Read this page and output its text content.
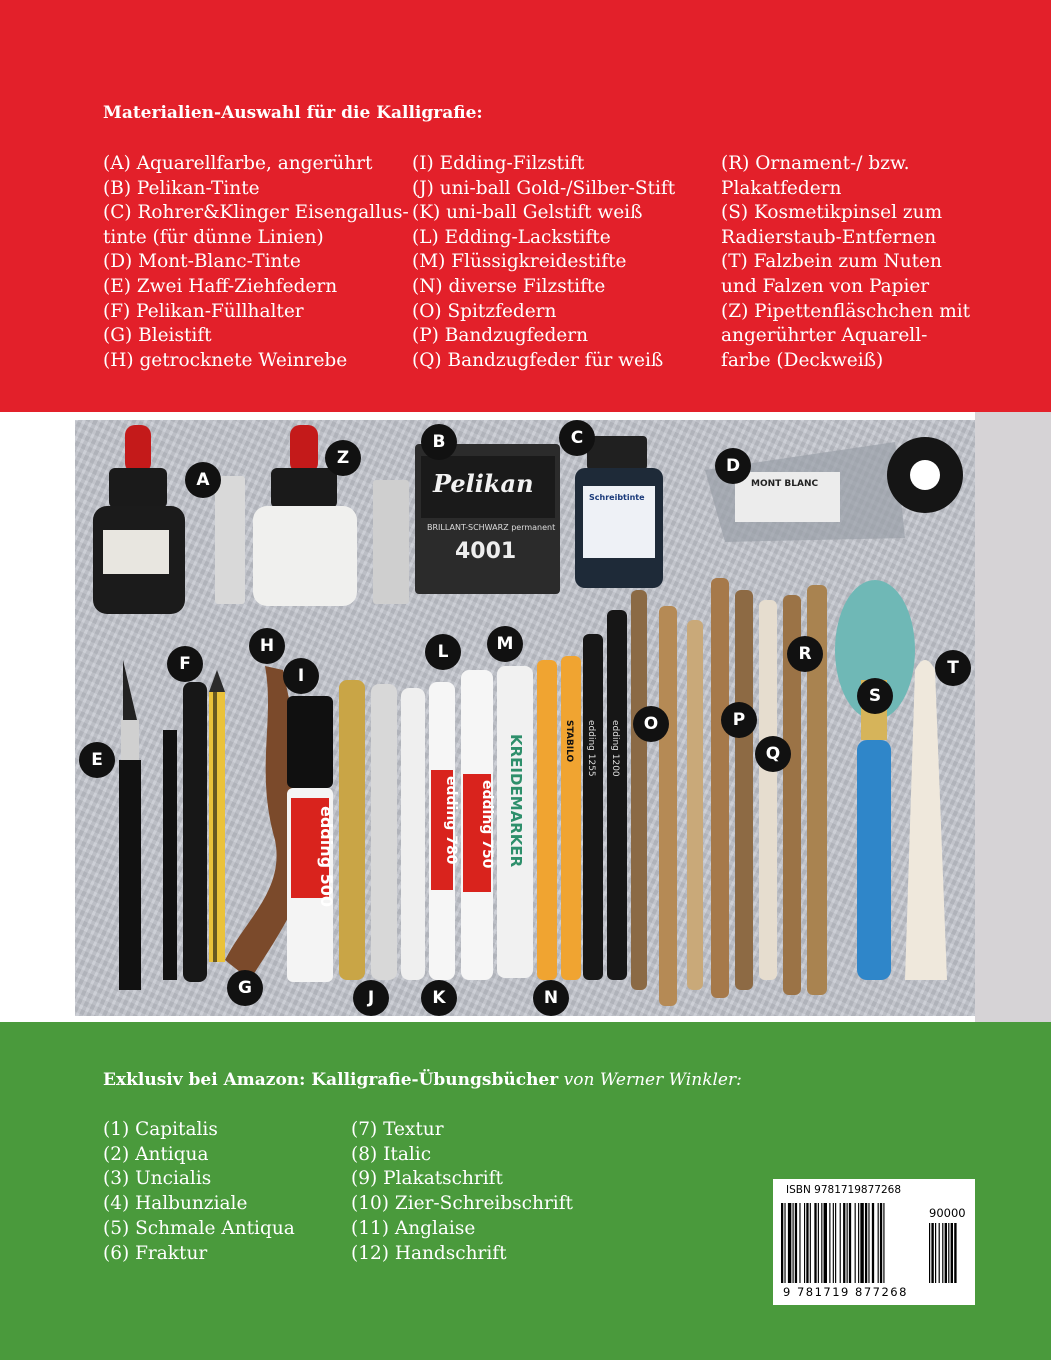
Materialien-Auswahl für die Kalligrafie:
(A) Aquarellfarbe, angerührt
(B) Pelikan-Tinte
(C) Rohrer&Klinger Eisengallus-
tinte (für dünne Linien)
(D) Mont-Blanc-Tinte
(E) Zwei Haff-Ziehfedern
(F) Pelikan-Füllhalter
(G) Bleistift
(H) getrocknete Weinrebe
(I) Edding-Filzstift
(J) uni-ball Gold-/Silber-Stift
(K) uni-ball Gelstift weiß
(L) Edding-Lackstifte
(M) Flüssigkreidestifte
(N) diverse Filzstifte
(O) Spitzfedern
(P) Bandzugfedern
(Q) Bandzugfeder für weiß
(R) Ornament-/ bzw.
Plakatfedern
(S) Kosmetikpinsel zum
Radierstaub-Entfernen
(T) Falzbein zum Nuten
und Falzen von Papier
(Z) Pipettenfläschchen mit
angerührter Aquarell-
farbe (Deckweiß)
Pelikan
BRILLANT-SCHWARZ permanent
4001
Schreibtinte
MONT BLANC
edding 500	edding 780 edding 750 KREIDEMARKER	STABILO edding 1255 edding 1200
A
B	C
D
E
F
G
H
I
J	K
L	M
N
O	P
Q
R
S
T
Z
Exklusiv bei Amazon: Kalligrafie-Übungsbücher von Werner Winkler:
(1) Capitalis
(2) Antiqua
(3) Uncialis
(4) Halbunziale
(5) Schmale Antiqua
(6) Fraktur
(7) Textur
(8) Italic
(9) Plakatschrift
(10) Zier-Schreibschrift
(11) Anglaise
(12) Handschrift
ISBN 9781719877268
90000
9 781719 877268
